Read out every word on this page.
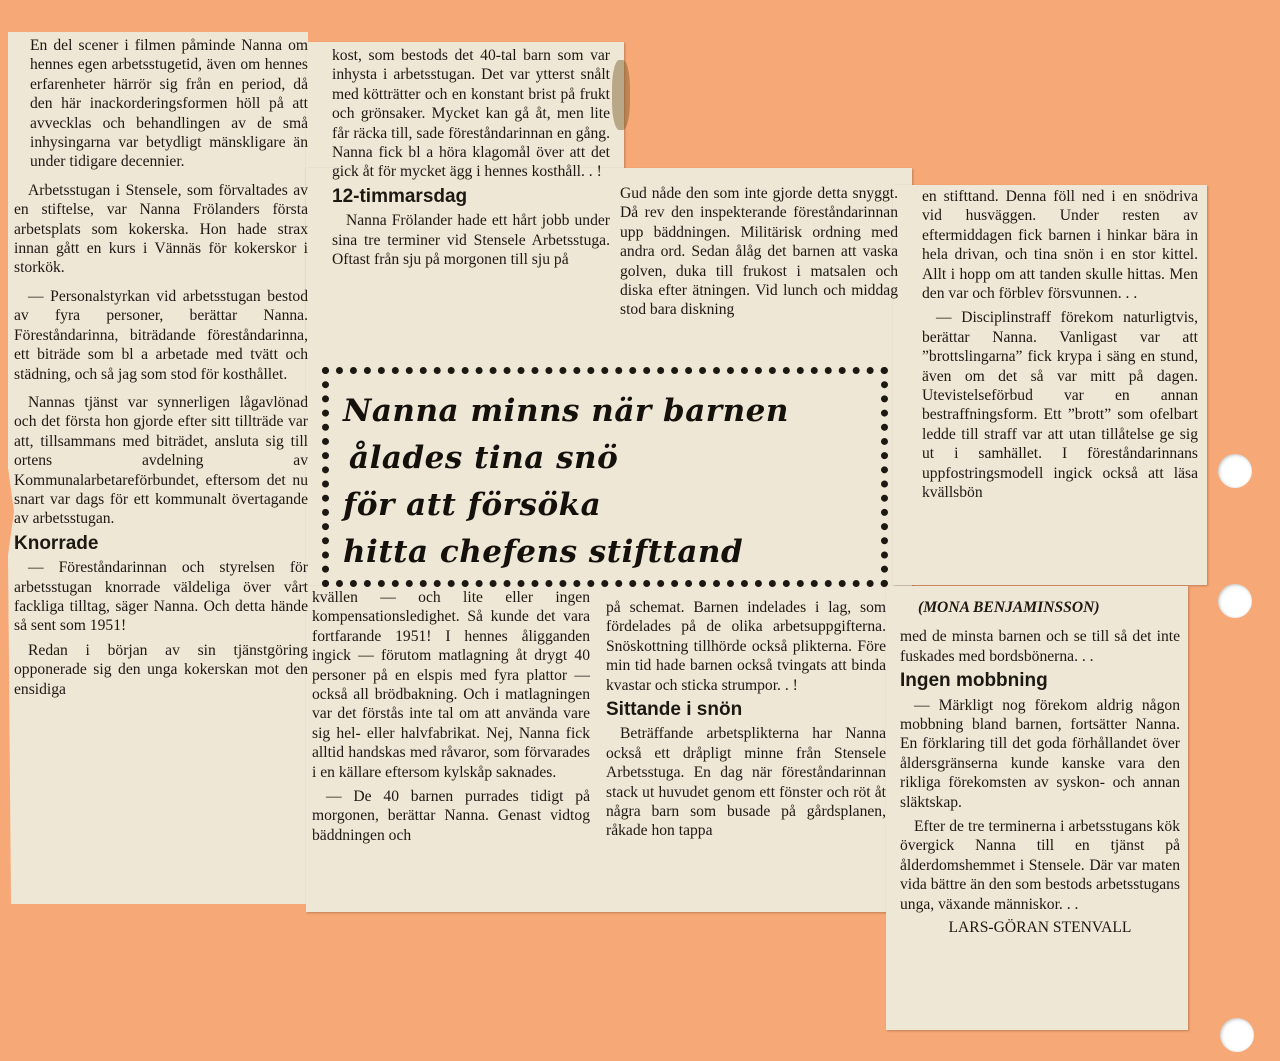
En del scener i filmen påminde Nanna om hennes egen arbetsstugetid, även om hennes erfarenheter härrör sig från en period, då den här inackorderingsformen höll på att avvecklas och behandlingen av de små inhysingarna var betydligt mänskligare än under tidigare decennier.

Arbetsstugan i Stensele, som förvaltades av en stiftelse, var Nanna Frölanders första arbetsplats som kokerska. Hon hade strax innan gått en kurs i Vännäs för kokerskor i storkök.

— Personalstyrkan vid arbetsstugan bestod av fyra personer, berättar Nanna. Föreståndarinna, biträdande föreståndarinna, ett biträde som bl a arbetade med tvätt och städning, och så jag som stod för kosthållet.

Nannas tjänst var synnerligen lågavlönad och det första hon gjorde efter sitt tillträde var att, tillsammans med biträdet, ansluta sig till ortens avdelning av Kommunalarbetareförbundet, eftersom det nu snart var dags för ett kommunalt övertagande av arbetsstugan.

Knorrade

— Föreståndarinnan och styrelsen för arbetsstugan knorrade väldeliga över vårt fackliga tilltag, säger Nanna. Och detta hände så sent som 1951!

Redan i början av sin tjänstgöring opponerade sig den unga kokerskan mot den ensidiga

kost, som bestods det 40-tal barn som var inhysta i arbetsstugan. Det var ytterst snålt med kötträtter och en konstant brist på frukt och grönsaker. Mycket kan gå åt, men lite får räcka till, sade föreståndarinnan en gång. Nanna fick bl a höra klagomål över att det gick åt för mycket ägg i hennes kosthåll. . !

12-timmarsdag

Nanna Frölander hade ett hårt jobb under sina tre terminer vid Stensele Arbetsstuga. Oftast från sju på morgonen till sju på

Gud nåde den som inte gjorde detta snyggt. Då rev den inspekterande föreståndarinnan upp bäddningen. Militärisk ordning med andra ord. Sedan ålåg det barnen att vaska golven, duka till frukost i matsalen och diska efter ätningen. Vid lunch och middag stod bara diskning

en stifttand. Denna föll ned i en snödriva vid husväggen. Under resten av eftermiddagen fick barnen i hinkar bära in hela drivan, och tina snön i en stor kittel. Allt i hopp om att tanden skulle hittas. Men den var och förblev försvunnen. . .

— Disciplinstraff förekom naturligtvis, berättar Nanna. Vanligast var att ”brottslingarna” fick krypa i säng en stund, även om det så var mitt på dagen. Utevistelseförbud var en annan bestraffningsform. Ett ”brott” som ofelbart ledde till straff var att utan tillåtelse ge sig ut i samhället. I föreståndarinnans uppfostringsmodell ingick också att läsa kvällsbön

Nanna minns när barnen
ålades tina snö
för att försöka
hitta chefens stifttand

kvällen — och lite eller ingen kompensationsledighet. Så kunde det vara fortfarande 1951! I hennes åligganden ingick — förutom matlagning åt drygt 40 personer på en elspis med fyra plattor — också all brödbakning. Och i matlagningen var det förstås inte tal om att använda vare sig hel- eller halvfabrikat. Nej, Nanna fick alltid handskas med råvaror, som förvarades i en källare eftersom kylskåp saknades.

— De 40 barnen purrades tidigt på morgonen, berättar Nanna. Genast vidtog bäddningen och

på schemat. Barnen indelades i lag, som fördelades på de olika arbetsuppgifterna. Snöskottning tillhörde också plikterna. Före min tid hade barnen också tvingats att binda kvastar och sticka strumpor. . !

Sittande i snön

Beträffande arbetsplikterna har Nanna också ett dråpligt minne från Stensele Arbetsstuga. En dag när föreståndarinnan stack ut huvudet genom ett fönster och röt åt några barn som busade på gårdsplanen, råkade hon tappa

(MONA BENJAMINSSON)

med de minsta barnen och se till så det inte fuskades med bordsbönerna. . .

Ingen mobbning

— Märkligt nog förekom aldrig någon mobbning bland barnen, fortsätter Nanna. En förklaring till det goda förhållandet över åldersgränserna kunde kanske vara den rikliga förekomsten av syskon- och annan släktskap.

Efter de tre terminerna i arbetsstugans kök övergick Nanna till en tjänst på ålderdomshemmet i Stensele. Där var maten vida bättre än den som bestods arbetsstugans unga, växande människor. . .

LARS-GÖRAN STENVALL
